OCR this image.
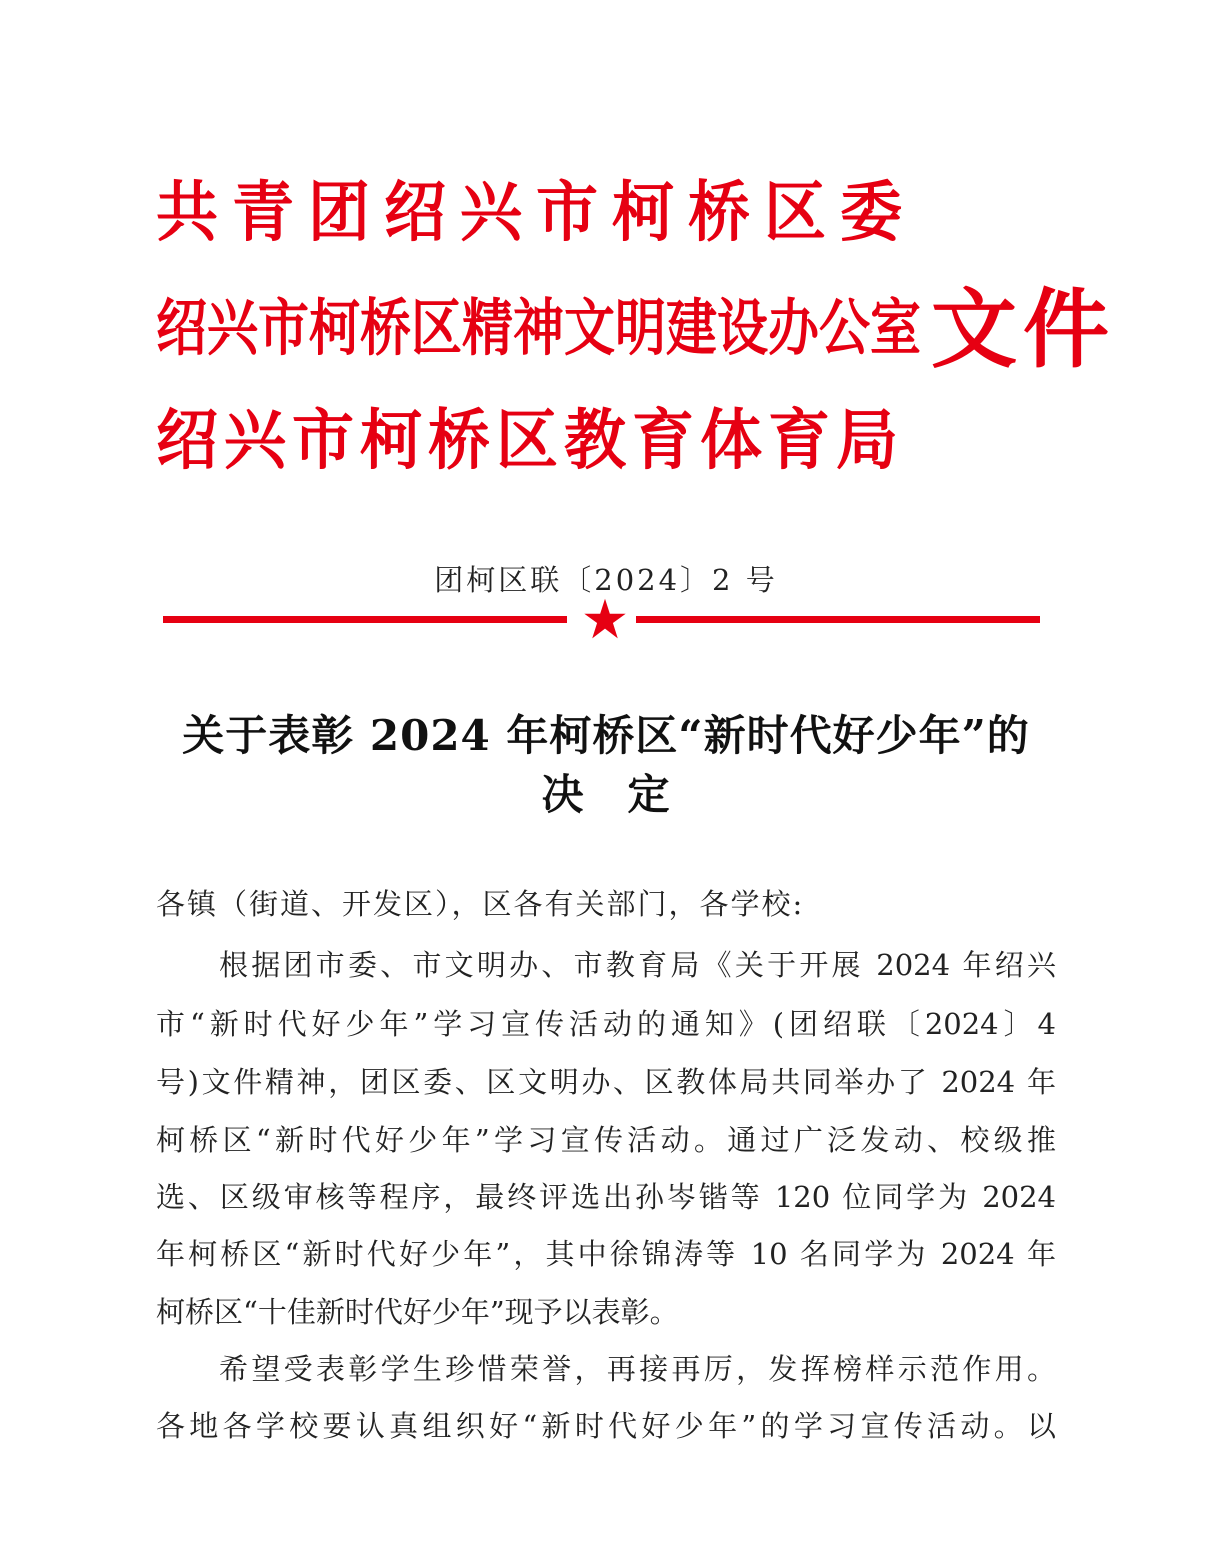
共青团绍兴市柯桥区委
绍兴市柯桥区精神文明建设办公室
绍兴市柯桥区教育体育局
文件
团柯区联〔2024〕2 号
关于表彰 2024 年柯桥区“新时代好少年”的
决　定
各镇（街道、开发区），区各有关部门，各学校:
根据团市委、市文明办、市教育局《关于开展 2024 年绍兴
市“新时代好少年”学习宣传活动的通知》(团绍联〔2024〕4
号)文件精神，团区委、区文明办、区教体局共同举办了 2024 年
柯桥区“新时代好少年”学习宣传活动。通过广泛发动、校级推
选、区级审核等程序，最终评选出孙岑锴等 120 位同学为 2024
年柯桥区“新时代好少年”，其中徐锦涛等 10 名同学为 2024 年
柯桥区“十佳新时代好少年”现予以表彰。
希望受表彰学生珍惜荣誉，再接再厉，发挥榜样示范作用。
各地各学校要认真组织好“新时代好少年”的学习宣传活动。以
